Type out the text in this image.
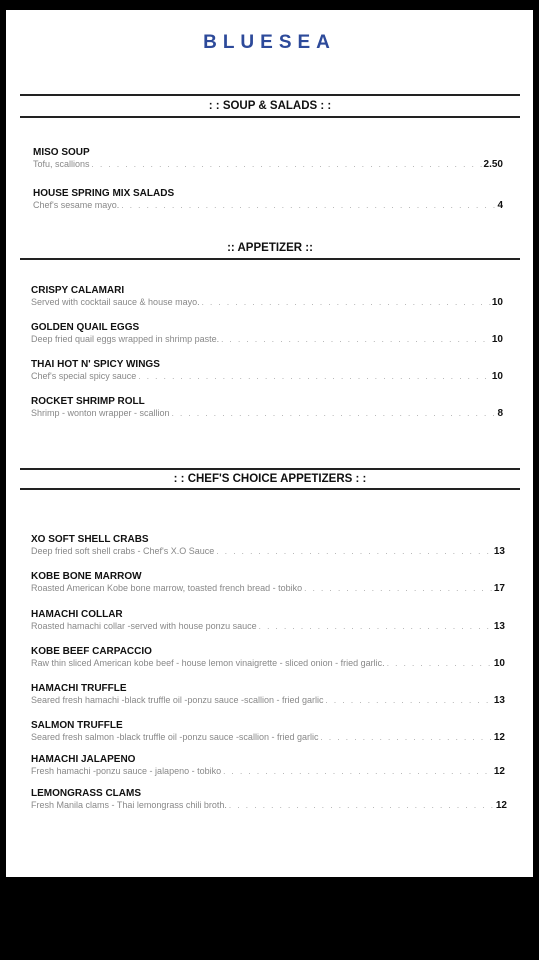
BLUESEA
: : SOUP & SALADS : :
MISO SOUP
Tofu, scallions . . .	2.50
HOUSE SPRING MIX SALADS
Chef's sesame mayo. . . .	4
:: APPETIZER ::
CRISPY CALAMARI
Served with cocktail sauce & house mayo. . . .	10
GOLDEN QUAIL EGGS
Deep fried quail eggs wrapped in shrimp paste. . . .	10
THAI HOT N' SPICY WINGS
Chef's special spicy sauce . . .	10
ROCKET SHRIMP ROLL
Shrimp - wonton wrapper - scallion . . .	8
: : CHEF'S CHOICE APPETIZERS : :
XO SOFT SHELL CRABS
Deep fried soft shell crabs - Chef's X.O Sauce . . .	13
KOBE BONE MARROW
Roasted American Kobe bone marrow, toasted french bread - tobiko . . .	17
HAMACHI COLLAR
Roasted hamachi collar -served with house ponzu sauce . . .	13
KOBE BEEF CARPACCIO
Raw thin sliced American kobe beef - house lemon vinaigrette - sliced onion - fried garlic. . . .	10
HAMACHI TRUFFLE
Seared fresh hamachi -black truffle oil -ponzu sauce -scallion - fried garlic . . .	13
SALMON TRUFFLE
Seared fresh salmon -black truffle oil -ponzu sauce -scallion - fried garlic . . .	12
HAMACHI JALAPENO
Fresh hamachi -ponzu sauce - jalapeno - tobiko . . .	12
LEMONGRASS CLAMS
Fresh Manila clams - Thai lemongrass chili broth. . . .	12
